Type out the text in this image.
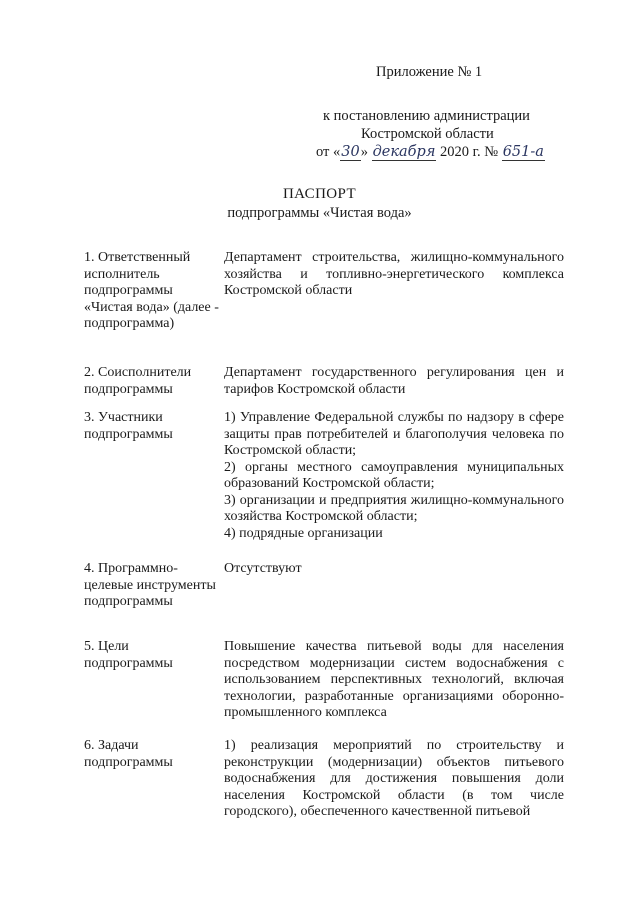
Приложение № 1
к постановлению администрации
Костромской области
от «30» декабря 2020 г. № 651-а
ПАСПОРТ
подпрограммы «Чистая вода»
1. Ответственный исполнитель подпрограммы «Чистая вода» (далее - подпрограмма)

Департамент строительства, жилищно-коммунального хозяйства и топливно-энергетического комплекса Костромской области

2. Соисполнители подпрограммы

Департамент государственного регулирования цен и тарифов Костромской области

3. Участники подпрограммы

1) Управление Федеральной службы по надзору в сфере защиты прав потребителей и благополучия человека по Костромской области;

2) органы местного самоуправления муниципальных образований Костромской области;

3) организации и предприятия жилищно-коммунального хозяйства Костромской области;

4) подрядные организации

4. Программно-целевые инструменты подпрограммы

Отсутствуют

5. Цели подпрограммы

Повышение качества питьевой воды для населения посредством модернизации систем водоснабжения с использованием перспективных технологий, включая технологии, разработанные организациями оборонно-промышленного комплекса

6. Задачи подпрограммы

1) реализация мероприятий по строительству и реконструкции (модернизации) объектов питьевого водоснабжения для достижения повышения доли населения Костромской области (в том числе городского), обеспеченного качественной питьевой
